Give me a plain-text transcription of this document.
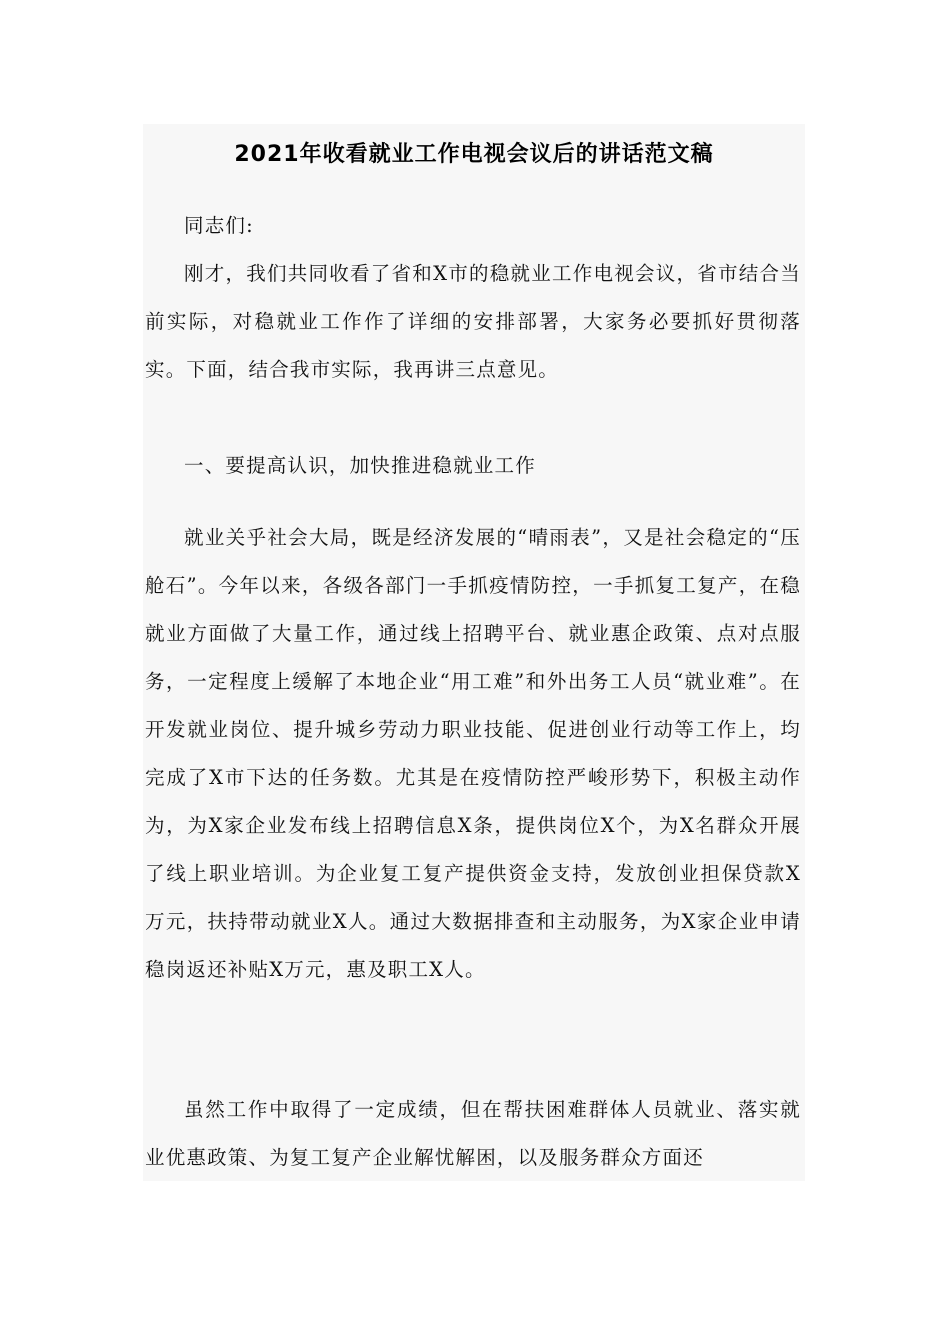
2021年收看就业工作电视会议后的讲话范文稿

同志们:

刚才，我们共同收看了省和X市的稳就业工作电视会议，省市结合当前实际，对稳就业工作作了详细的安排部署，大家务必要抓好贯彻落实。下面，结合我市实际，我再讲三点意见。

一、要提高认识，加快推进稳就业工作

就业关乎社会大局，既是经济发展的“晴雨表”，又是社会稳定的“压舱石”。今年以来，各级各部门一手抓疫情防控，一手抓复工复产，在稳就业方面做了大量工作，通过线上招聘平台、就业惠企政策、点对点服务，一定程度上缓解了本地企业“用工难”和外出务工人员“就业难”。在开发就业岗位、提升城乡劳动力职业技能、促进创业行动等工作上，均完成了X市下达的任务数。尤其是在疫情防控严峻形势下，积极主动作为，为X家企业发布线上招聘信息X条，提供岗位X个，为X名群众开展了线上职业培训。为企业复工复产提供资金支持，发放创业担保贷款X万元，扶持带动就业X人。通过大数据排查和主动服务，为X家企业申请稳岗返还补贴X万元，惠及职工X人。

虽然工作中取得了一定成绩，但在帮扶困难群体人员就业、落实就业优惠政策、为复工复产企业解忧解困，以及服务群众方面还
